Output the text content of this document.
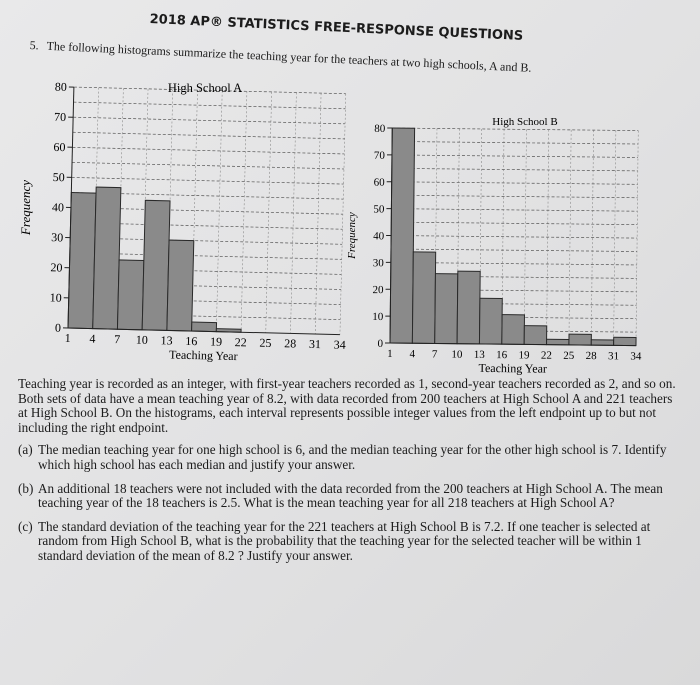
2018 AP® STATISTICS FREE-RESPONSE QUESTIONS
5. The following histograms summarize the teaching year for the teachers at two high schools, A and B.
0
10
20
30
40
50
60
70
80
1 4 7 10 13 16 19 22 25 28 31 34
Teaching Year
High School A
Frequency
0
10
20
30
40
50
60
70
80
1 4 7 10 13 16 19 22 25 28 31 34
Teaching Year
High School B
Frequency

Teaching year is recorded as an integer, with first-year teachers recorded as 1, second-year teachers recorded as 2, and so on. Both sets of data have a mean teaching year of 8.2, with data recorded from 200 teachers at High School A and 221 teachers at High School B. On the histograms, each interval represents possible integer values from the left endpoint up to but not including the right endpoint.

(a) The median teaching year for one high school is 6, and the median teaching year for the other high school is 7. Identify which high school has each median and justify your answer.
(b) An additional 18 teachers were not included with the data recorded from the 200 teachers at High School A. The mean teaching year of the 18 teachers is 2.5. What is the mean teaching year for all 218 teachers at High School A?
(c) The standard deviation of the teaching year for the 221 teachers at High School B is 7.2. If one teacher is selected at random from High School B, what is the probability that the teaching year for the selected teacher will be within 1 standard deviation of the mean of 8.2 ? Justify your answer.
